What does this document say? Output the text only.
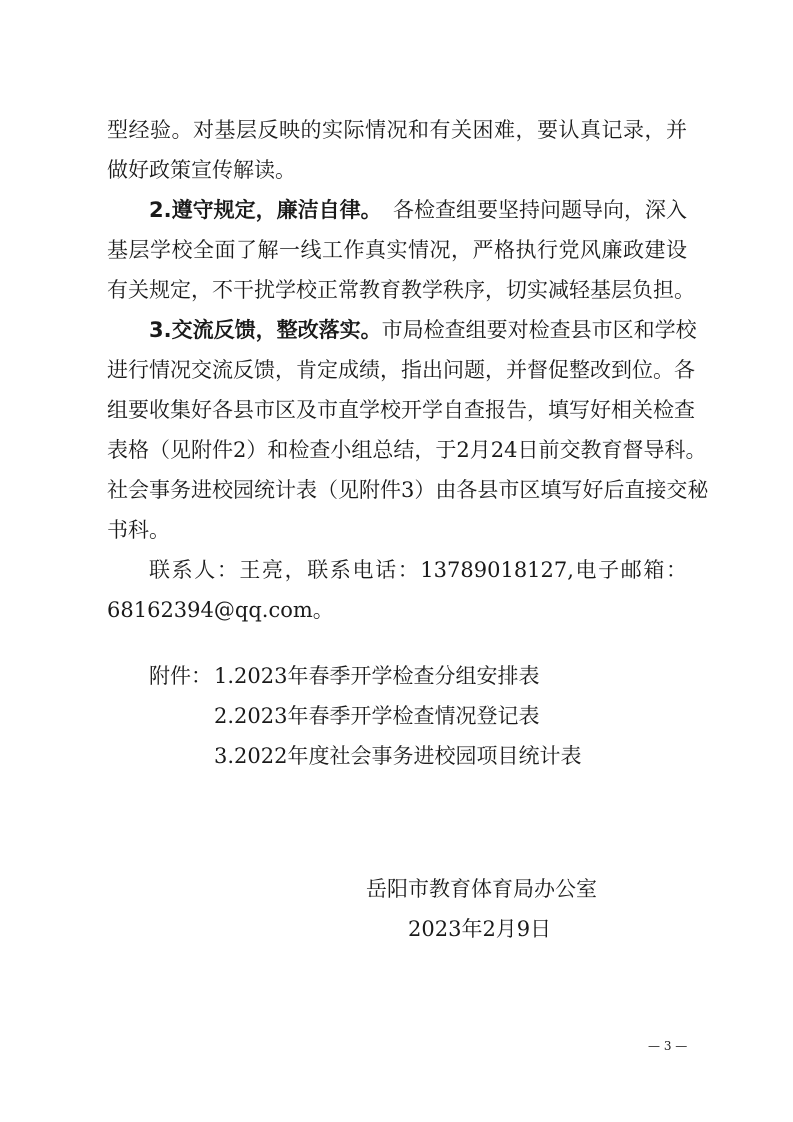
型经验。对基层反映的实际情况和有关困难，要认真记录，并
做好政策宣传解读。
2.遵守规定，廉洁自律。 各检查组要坚持问题导向，深入
基层学校全面了解一线工作真实情况，严格执行党风廉政建设
有关规定，不干扰学校正常教育教学秩序，切实减轻基层负担。
3.交流反馈，整改落实。 市局检查组要对检查县市区和学校
进行情况交流反馈，肯定成绩，指出问题，并督促整改到位。各
组要收集好各县市区及市直学校开学自查报告，填写好相关检查
表格（见附件2）和检查小组总结，于2月24日前交教育督导科。
社会事务进校园统计表（见附件3）由各县市区填写好后直接交秘
书科。
联系人：王亮，联系电话：13789018127,电子邮箱：
68162394@qq.com。
附件： 1.2023年春季开学检查分组安排表
2.2023年春季开学检查情况登记表
3.2022年度社会事务进校园项目统计表
岳阳市教育体育局办公室
2023年2月9日
— 3 —
